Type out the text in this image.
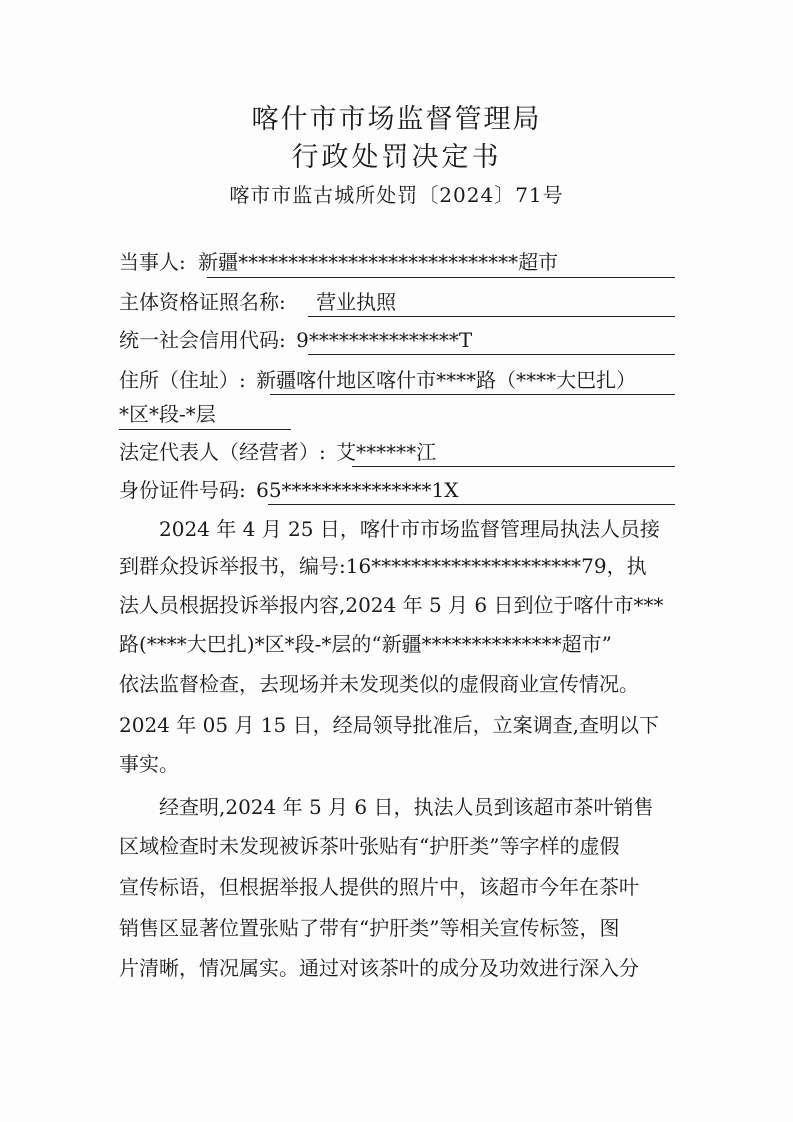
喀什市市场监督管理局
行政处罚决定书
喀市市监古城所处罚〔2024〕71号
当事人: 新疆****************************超市
主体资格证照名称: 营业执照
统一社会信用代码: 9***************T
住所（住址）: 新疆喀什地区喀什市****路（****大巴扎）
*区*段-*层
法定代表人（经营者）: 艾******江
身份证件号码: 65***************1X
2024 年 4 月 25 日，喀什市市场监督管理局执法人员接
到群众投诉举报书，编号:16*********************79，执
法人员根据投诉举报内容,2024 年 5 月 6 日到位于喀什市***
路(****大巴扎)*区*段-*层的“新疆**************超市”
依法监督检查，去现场并未发现类似的虚假商业宣传情况。
2024 年 05 月 15 日，经局领导批准后，立案调查,查明以下
事实。
经查明,2024 年 5 月 6 日，执法人员到该超市茶叶销售
区域检查时未发现被诉茶叶张贴有“护肝类”等字样的虚假
宣传标语，但根据举报人提供的照片中，该超市今年在茶叶
销售区显著位置张贴了带有“护肝类”等相关宣传标签，图
片清晰，情况属实。通过对该茶叶的成分及功效进行深入分
